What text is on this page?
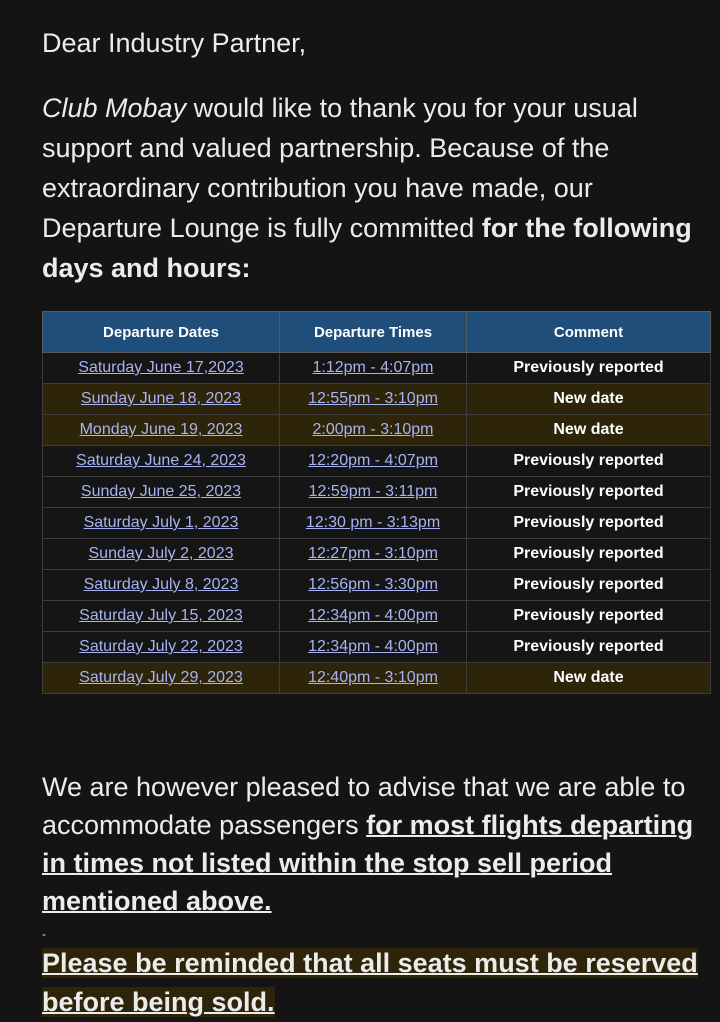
Dear Industry Partner,
Club Mobay would like to thank you for your usual support and valued partnership. Because of the extraordinary contribution you have made, our Departure Lounge is fully committed for the following days and hours:
Departure Dates	Departure Times	Comment
Saturday June 17,2023	1:12pm - 4:07pm	Previously reported
Sunday June 18, 2023	12:55pm - 3:10pm	New date
Monday June 19, 2023	2:00pm - 3:10pm	New date
Saturday June 24, 2023	12:20pm - 4:07pm	Previously reported
Sunday June 25, 2023	12:59pm - 3:11pm	Previously reported
Saturday July 1, 2023	12:30 pm - 3:13pm	Previously reported
Sunday July 2, 2023	12:27pm - 3:10pm	Previously reported
Saturday July 8, 2023	12:56pm - 3:30pm	Previously reported
Saturday July 15, 2023	12:34pm - 4:00pm	Previously reported
Saturday July 22, 2023	12:34pm - 4:00pm	Previously reported
Saturday July 29, 2023	12:40pm - 3:10pm	New date
We are however pleased to advise that we are able to accommodate passengers for most flights departing in times not listed within the stop sell period mentioned above.
-
Please be reminded that all seats must be reserved before being sold.
